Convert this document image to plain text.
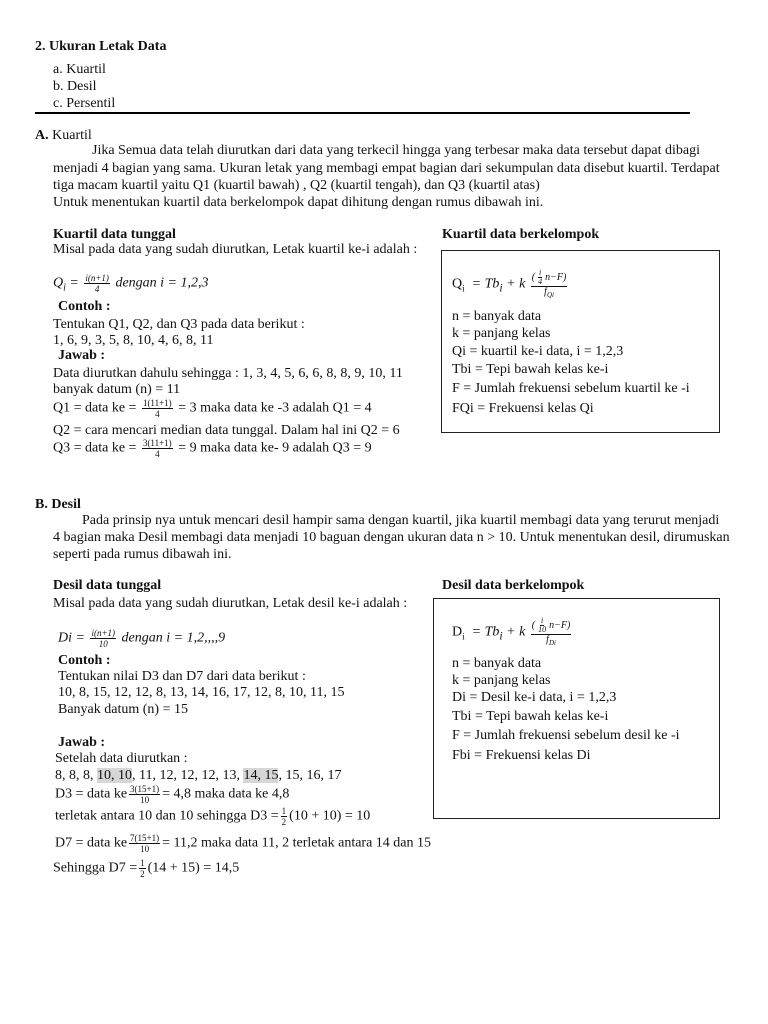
2. Ukuran Letak Data
a. Kuartil
b. Desil
c. Persentil
A. Kuartil
Jika Semua data telah diurutkan dari data yang terkecil hingga yang terbesar maka data tersebut dapat dibagi
menjadi 4 bagian yang sama. Ukuran letak yang membagi empat bagian dari sekumpulan data disebut kuartil. Terdapat
tiga macam kuartil yaitu Q1 (kuartil bawah) , Q2 (kuartil tengah), dan Q3 (kuartil atas)
Untuk menentukan kuartil data berkelompok dapat dihitung dengan rumus dibawah ini.
Kuartil data tunggal
Misal pada data yang sudah diurutkan, Letak kuartil ke-i adalah :
$Q_i = \frac{i(n+1)}{4}$ dengan i = 1,2,3
Contoh :
Tentukan Q1, Q2, dan Q3 pada data berikut :
1, 6, 9, 3, 5, 8, 10, 4, 6, 8, 11
Jawab :
Data diurutkan dahulu sehingga : 1, 3, 4, 5, 6, 6, 8, 8, 9, 10, 11
banyak datum (n) = 11
Q1 = data ke = $\frac{1(11+1)}{4} = 3$ maka data ke -3 adalah Q1 = 4
Q2 = cara mencari median data tunggal. Dalam hal ini Q2 = 6
Q3 = data ke = $\frac{3(11+1)}{4} = 9$ maka data ke- 9 adalah Q3 = 9
Kuartil data berkelompok
$Q_i = Tb_i + k \frac{( \frac{i}{4} n-F)}{f_{Qi}}$
n = banyak data
k = panjang kelas
Qi = kuartil ke-i data, i = 1,2,3
Tbi = Tepi bawah kelas ke-i
F = Jumlah frekuensi sebelum kuartil ke -i
FQi = Frekuensi kelas Qi
B. Desil
Pada prinsip nya untuk mencari desil hampir sama dengan kuartil, jika kuartil membagi data yang terurut menjadi
4 bagian maka Desil membagi data menjadi 10 baguan dengan ukuran data n > 10. Untuk menentukan desil, dirumuskan
seperti pada rumus dibawah ini.
Desil data tunggal
Misal pada data yang sudah diurutkan, Letak desil ke-i adalah :
$Di = \frac{i(n+1)}{10}$ dengan i = 1,2,,,,9
Contoh :
Tentukan nilai D3 dan D7 dari data berikut :
10, 8, 15, 12, 12, 8, 13, 14, 16, 17, 12, 8, 10, 11, 15
Banyak datum (n) = 15
Jawab :
Setelah data diurutkan :
8, 8, 8, 10, 10, 11, 12, 12, 12, 13, 14, 15, 15, 16, 17
D3 = data ke $\frac{3(15+1)}{10} = 4,8$ maka data ke 4,8
terletak antara 10 dan 10 sehingga $D3 = \frac{1}{2} (10 + 10) = 10$
D7 = data ke $\frac{7(15+1)}{10} = 11,2$ maka data 11, 2 terletak antara 14 dan 15
Sehingga $D7 = \frac{1}{2} (14 + 15) = 14,5$
Desil data berkelompok
$D_i = Tb_i + k \frac{( \frac{i}{10} n-F)}{f_{Di}}$
n = banyak data
k = panjang kelas
Di = Desil ke-i data, i = 1,2,3
Tbi = Tepi bawah kelas ke-i
F = Jumlah frekuensi sebelum desil ke -i
Fbi = Frekuensi kelas Di
